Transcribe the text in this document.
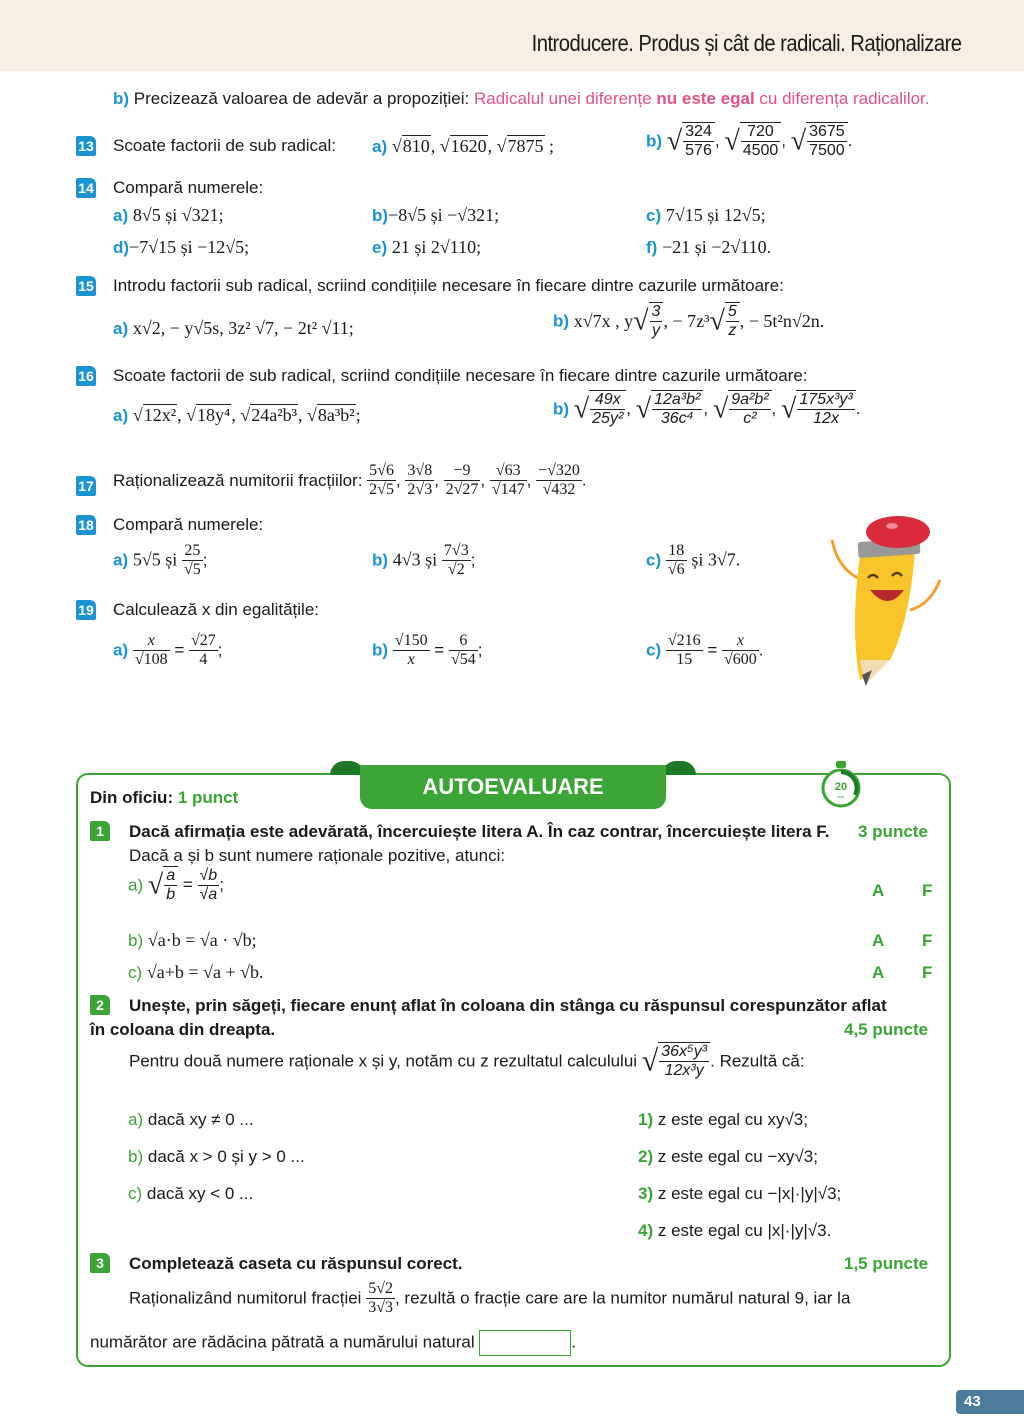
Introducere. Produs și cât de radicali. Raționalizare
b) Precizează valoarea de adevăr a propoziției: Radicalul unei diferențe nu este egal cu diferența radicalilor.
13 Scoate factorii de sub radical: a) √810, √1620, √7875 ;	b) √ $\frac{324}{576}$ , √ $\frac{720}{4500}$ , √ $\frac{3675}{7500}$ .
14 Compară numerele:
a) 8√5 și √321;	b)−8√5 și −√321;	c) 7√15 și 12√5;
d)−7√15 și −12√5;	e) 21 și 2√110;	f) −21 și −2√110.
15 Introdu factorii sub radical, scriind condițiile necesare în fiecare dintre cazurile următoare:
a) x√2, − y√5s, 3z² √7, − 2t² √11;	b) x√7x , $y√ \frac{3}{y}$ , − $7z^3√ \frac{5}{z}$ , − 5t²n√2n.
16 Scoate factorii de sub radical, scriind condițiile necesare în fiecare dintre cazurile următoare:
a) √12x², √18y⁴, √24a²b³, √8a³b²;	b) √ $\frac{49x}{\text{25y²}}$ , √ $\frac{\text{12a³b²}}{\text{36c⁴}}$ , √ $\frac{\text{9a²b²}}{\text{c²}}$ , √ $\frac{\text{175x³y³}}{12x}$ .
17 Raționalizează numitorii fracțiilor: $\frac{5√6}{2√5}$ , $\frac{3√8}{2√3}$ , $\frac{-9}{2√27}$ , $\frac{√63}{√147}$ , $\frac{-√320}{√432}$ .
18 Compară numerele:
a) 5√5 și $\frac{25}{√5}$ ;	b) 4√3 și $\frac{7√3}{√2}$ ;	$c) \frac{18}{√6}$ și 3√7.
19 Calculează x din egalitățile:
$a) \frac{x}{√108} = \frac{√27}{4}$ ;	$b) \frac{√150}{x} = \frac{6}{√54}$ ;	$c) \frac{√216}{15} = \frac{x}{√600}$ .
AUTOEVALUARE	20
min
Din oficiu: 1 punct
1	Dacă afirmația este adevărată, încercuiește litera A. În caz contrar, încercuiește litera F. 3 puncte
Dacă a și b sunt numere raționale pozitive, atunci:
a) √ $\frac{a}{b} = \frac{√b}{√a}$ ;	A F
b) √a·b = √a · √b;	A F
c) √a+b = √a + √b.	A F
2	Unește, prin săgeți, fiecare enunț aflat în coloana din stânga cu răspunsul corespunzător aflat
în coloana din dreapta.	4,5 puncte
Pentru două numere raționale x și y, notăm cu z rezultatul calculului √ $\frac{\text{36x⁵y³}}{\text{12x³y}}$ . Rezultă că:
a) dacă xy ≠ 0 ...
b) dacă x > 0 și y > 0 ...
c) dacă xy < 0 ...
1) z este egal cu xy√3;
2) z este egal cu −xy√3;
3) z este egal cu −|x|·|y|√3;
4) z este egal cu |x|·|y|√3.
3	Completează caseta cu răspunsul corect.	1,5 puncte
Raționalizând numitorul fracției $\frac{5√2}{3√3}$ , rezultă o fracție care are la numitor numărul natural 9, iar la
numărător are rădăcina pătrată a numărului natural	.
43
